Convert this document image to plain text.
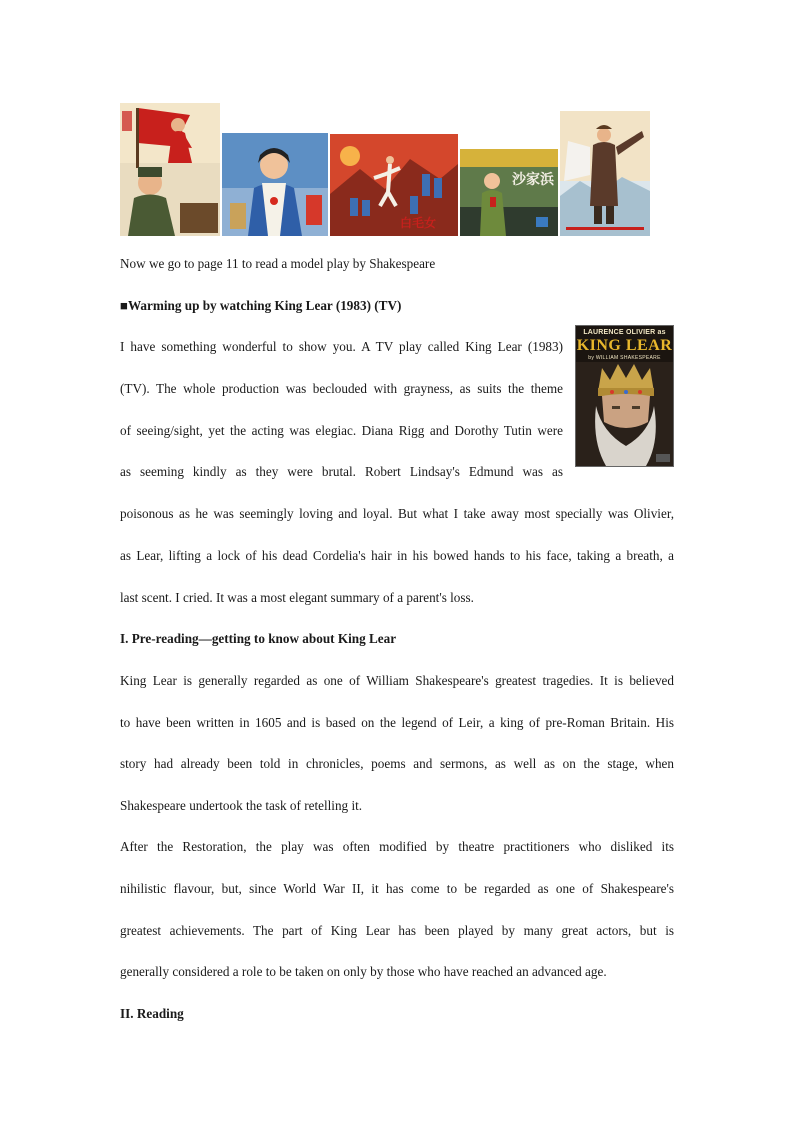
白毛女
沙家浜

Now we go to page 11 to read a model play by Shakespeare

■Warming up by watching King Lear (1983) (TV)

I have something wonderful to show you. A TV play called King Lear (1983)

(TV). The whole production was beclouded with grayness, as suits the theme

of seeing/sight, yet the acting was elegiac. Diana Rigg and Dorothy Tutin were

as seeming kindly as they were brutal. Robert Lindsay's Edmund was as

poisonous as he was seemingly loving and loyal. But what I take away most specially was Olivier,

as Lear, lifting a lock of his dead Cordelia's hair in his bowed hands to his face, taking a breath, a

last scent. I cried. It was a most elegant summary of a parent's loss.

LAURENCE OLIVIER as
KING LEAR
by WILLIAM SHAKESPEARE

I. Pre-reading—getting to know about King Lear

King Lear is generally regarded as one of William Shakespeare's greatest tragedies. It is believed

to have been written in 1605 and is based on the legend of Leir, a king of pre-Roman Britain. His

story had already been told in chronicles, poems and sermons, as well as on the stage, when

Shakespeare undertook the task of retelling it.

After the Restoration, the play was often modified by theatre practitioners who disliked its

nihilistic flavour, but, since World War II, it has come to be regarded as one of Shakespeare's

greatest achievements. The part of King Lear has been played by many great actors, but is

generally considered a role to be taken on only by those who have reached an advanced age.

II. Reading
